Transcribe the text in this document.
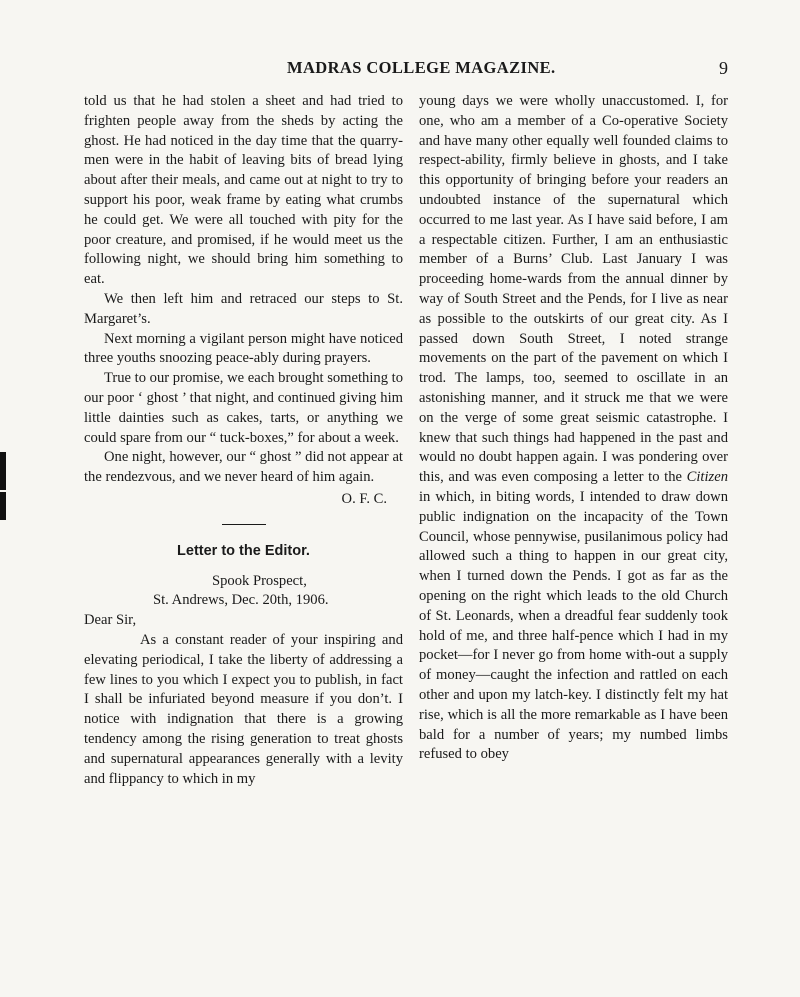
MADRAS COLLEGE MAGAZINE.	9

told us that he had stolen a sheet and had tried to frighten people away from the sheds by acting the ghost. He had noticed in the day time that the quarry-men were in the habit of leaving bits of bread lying about after their meals, and came out at night to try to support his poor, weak frame by eating what crumbs he could get. We were all touched with pity for the poor creature, and promised, if he would meet us the following night, we should bring him something to eat.

We then left him and retraced our steps to St. Margaret’s.

Next morning a vigilant person might have noticed three youths snoozing peace-ably during prayers.

True to our promise, we each brought something to our poor ‘ ghost ’ that night, and continued giving him little dainties such as cakes, tarts, or anything we could spare from our “ tuck-boxes,” for about a week.

One night, however, our “ ghost ” did not appear at the rendezvous, and we never heard of him again.

O. F. C.

Letter to the Editor.

Spook Prospect,

St. Andrews, Dec. 20th, 1906.

Dear Sir,

As a constant reader of your inspiring and elevating periodical, I take the liberty of addressing a few lines to you which I expect you to publish, in fact I shall be infuriated beyond measure if you don’t. I notice with indignation that there is a growing tendency among the rising generation to treat ghosts and supernatural appearances generally with a levity and flippancy to which in my

young days we were wholly unaccustomed. I, for one, who am a member of a Co-operative Society and have many other equally well founded claims to respect-ability, firmly believe in ghosts, and I take this opportunity of bringing before your readers an undoubted instance of the supernatural which occurred to me last year. As I have said before, I am a respectable citizen. Further, I am an enthusiastic member of a Burns’ Club. Last January I was proceeding home-wards from the annual dinner by way of South Street and the Pends, for I live as near as possible to the outskirts of our great city. As I passed down South Street, I noted strange movements on the part of the pavement on which I trod. The lamps, too, seemed to oscillate in an astonishing manner, and it struck me that we were on the verge of some great seismic catastrophe. I knew that such things had happened in the past and would no doubt happen again. I was pondering over this, and was even composing a letter to the Citizen in which, in biting words, I intended to draw down public indignation on the incapacity of the Town Council, whose pennywise, pusilanimous policy had allowed such a thing to happen in our great city, when I turned down the Pends. I got as far as the opening on the right which leads to the old Church of St. Leonards, when a dreadful fear suddenly took hold of me, and three half-pence which I had in my pocket—for I never go from home with-out a supply of money—caught the infection and rattled on each other and upon my latch-key. I distinctly felt my hat rise, which is all the more remarkable as I have been bald for a number of years; my numbed limbs refused to obey
